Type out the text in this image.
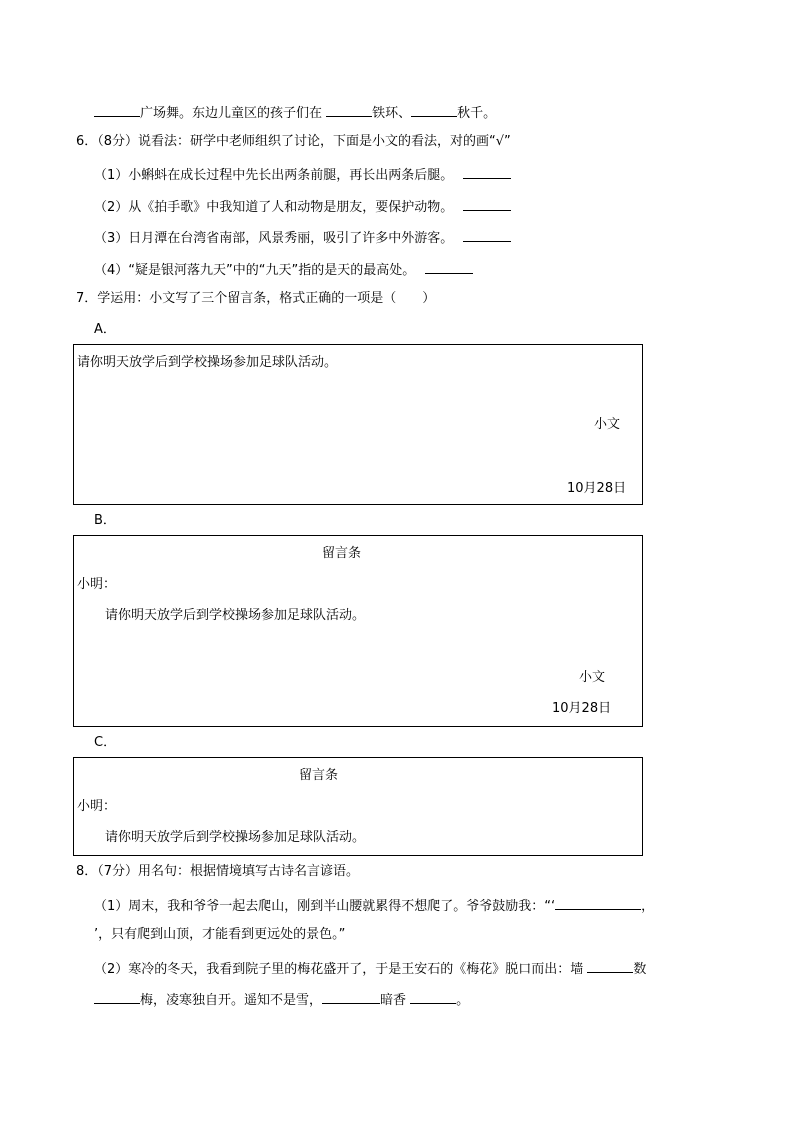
广场舞。东边儿童区的孩子们在	铁环、	秋千。
6．（8分）说看法：研学中老师组织了讨论，下面是小文的看法，对的画“√”
（1）小蝌蚪在成长过程中先长出两条前腿，再长出两条后腿。
（2）从《拍手歌》中我知道了人和动物是朋友，要保护动物。
（3）日月潭在台湾省南部，风景秀丽，吸引了许多中外游客。
（4）“疑是银河落九天”中的“九天”指的是天的最高处。
7．学运用：小文写了三个留言条，格式正确的一项是（　　）
A．
请你明天放学后到学校操场参加足球队活动。
小文
10月28日
B．
留言条
小明：
请你明天放学后到学校操场参加足球队活动。
小文
10月28日
C．
留言条
小明：
请你明天放学后到学校操场参加足球队活动。
8．（7分）用名句：根据情境填写古诗名言谚语。
（1）周末，我和爷爷一起去爬山，刚到半山腰就累得不想爬了。爷爷鼓励我：“‘	，
’，只有爬到山顶，才能看到更远处的景色。”
（2）寒冷的冬天，我看到院子里的梅花盛开了，于是王安石的《梅花》脱口而出：墙	数
梅，凌寒独自开。遥知不是雪，	暗香	。
